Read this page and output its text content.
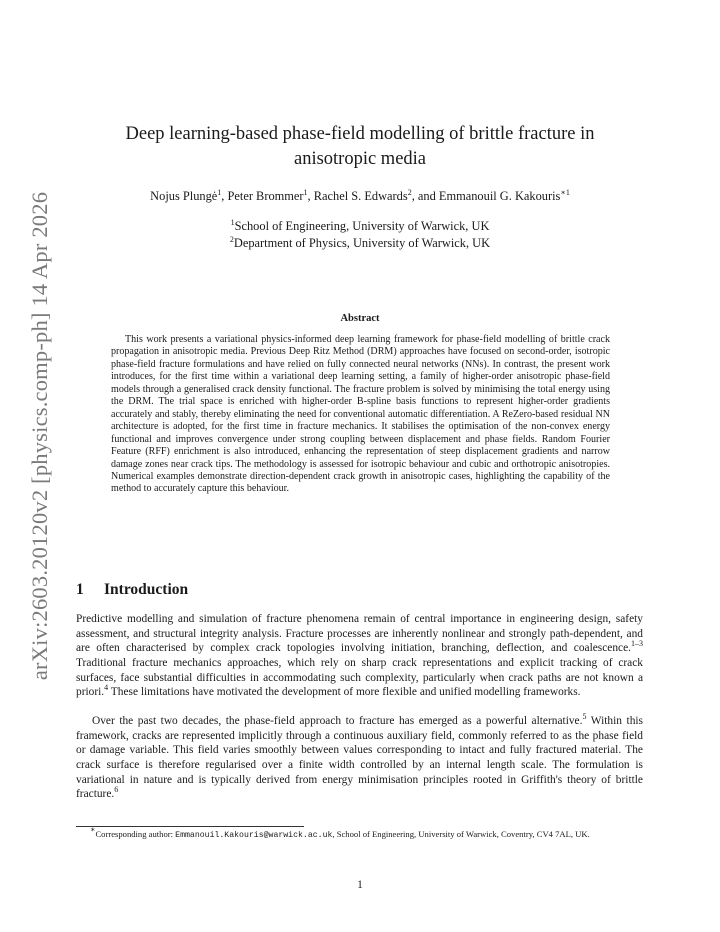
arXiv:2603.20120v2 [physics.comp-ph] 14 Apr 2026
Deep learning-based phase-field modelling of brittle fracture in
anisotropic media
Nojus Plungė$^1$, Peter Brommer$^1$, Rachel S. Edwards$^2$, and Emmanouil G. Kakouris$^{∗1}$
$^1$School of Engineering, University of Warwick, UK
$^2$Department of Physics, University of Warwick, UK
Abstract

This work presents a variational physics-informed deep learning framework for phase-field modelling of brittle crack propagation in anisotropic media. Previous Deep Ritz Method (DRM) approaches have focused on second-order, isotropic phase-field fracture formulations and have relied on fully connected neural networks (NNs). In contrast, the present work introduces, for the first time within a variational deep learning setting, a family of higher-order anisotropic phase-field models through a generalised crack density functional. The fracture problem is solved by minimising the total energy using the DRM. The trial space is enriched with higher-order B-spline basis functions to represent higher-order gradients accurately and stably, thereby eliminating the need for conventional automatic differentiation. A ReZero-based residual NN architecture is adopted, for the first time in fracture mechanics. It stabilises the optimisation of the non-convex energy functional and improves convergence under strong coupling between displacement and phase fields. Random Fourier Feature (RFF) enrichment is also introduced, enhancing the representation of steep displacement gradients and narrow damage zones near crack tips. The methodology is assessed for isotropic behaviour and cubic and orthotropic anisotropies. Numerical examples demonstrate direction-dependent crack growth in anisotropic cases, highlighting the capability of the method to accurately capture this behaviour.

1 Introduction

Predictive modelling and simulation of fracture phenomena remain of central importance in engineering design, safety assessment, and structural integrity analysis. Fracture processes are inherently nonlinear and strongly path-dependent, and are often characterised by complex crack topologies involving initiation, branching, deflection, and coalescence.$^{1-3}$ Traditional fracture mechanics approaches, which rely on sharp crack representations and explicit tracking of crack surfaces, face substantial difficulties in accommodating such complexity, particularly when crack paths are not known a priori.$^4$ These limitations have motivated the development of more flexible and unified modelling frameworks.

Over the past two decades, the phase-field approach to fracture has emerged as a powerful alternative.$^5$ Within this framework, cracks are represented implicitly through a continuous auxiliary field, commonly referred to as the phase field or damage variable. This field varies smoothly between values corresponding to intact and fully fractured material. The crack surface is therefore regularised over a finite width controlled by an internal length scale. The formulation is variational in nature and is typically derived from energy minimisation principles rooted in Griffith's theory of brittle fracture.$^6$

∗Corresponding author: Emmanouil.Kakouris@warwick.ac.uk, School of Engineering, University of Warwick, Coventry, CV4 7AL, UK.

1
